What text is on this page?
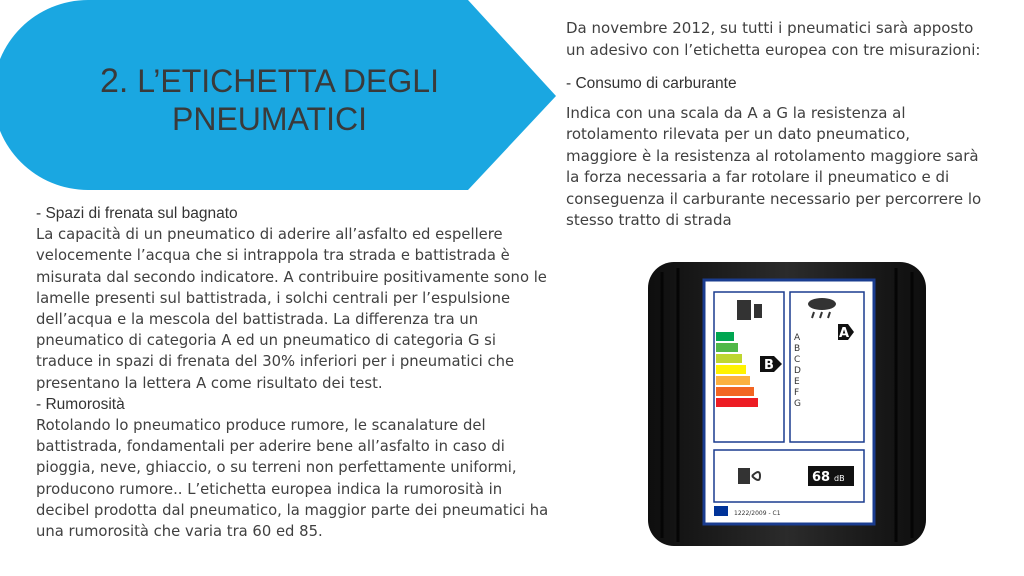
2. L’ETICHETTA DEGLI
PNEUMATICI

Da novembre 2012, su tutti i pneumatici sarà apposto

un adesivo con l’etichetta europea con tre misurazioni:

- Consumo di carburante

Indica con una scala da A a G la resistenza al

rotolamento rilevata per un dato pneumatico,

maggiore è la resistenza al rotolamento maggiore sarà

la forza necessaria a far rotolare il pneumatico e di

conseguenza il carburante necessario per percorrere lo

stesso tratto di strada

- Spazi di frenata sul bagnato

La capacità di un pneumatico di aderire all’asfalto ed espellere

velocemente l’acqua che si intrappola tra strada e battistrada è

misurata dal secondo indicatore. A contribuire positivamente sono le

lamelle presenti sul battistrada, i solchi centrali per l’espulsione

dell’acqua e la mescola del battistrada. La differenza tra un

pneumatico di categoria A ed un pneumatico di categoria G si

traduce in spazi di frenata del 30% inferiori per i pneumatici che

presentano la lettera A come risultato dei test.

- Rumorosità

Rotolando lo pneumatico produce rumore, le scanalature del

battistrada, fondamentali per aderire bene all’asfalto in caso di

pioggia, neve, ghiaccio, o su terreni non perfettamente uniformi,

producono rumore.. L’etichetta europea indica la rumorosità in

decibel prodotta dal pneumatico, la maggior parte dei pneumatici ha

una rumorosità che varia tra 60 ed 85.

B
A
B
C
D
E
F
G
A
68 dB
1222/2009 - C1
